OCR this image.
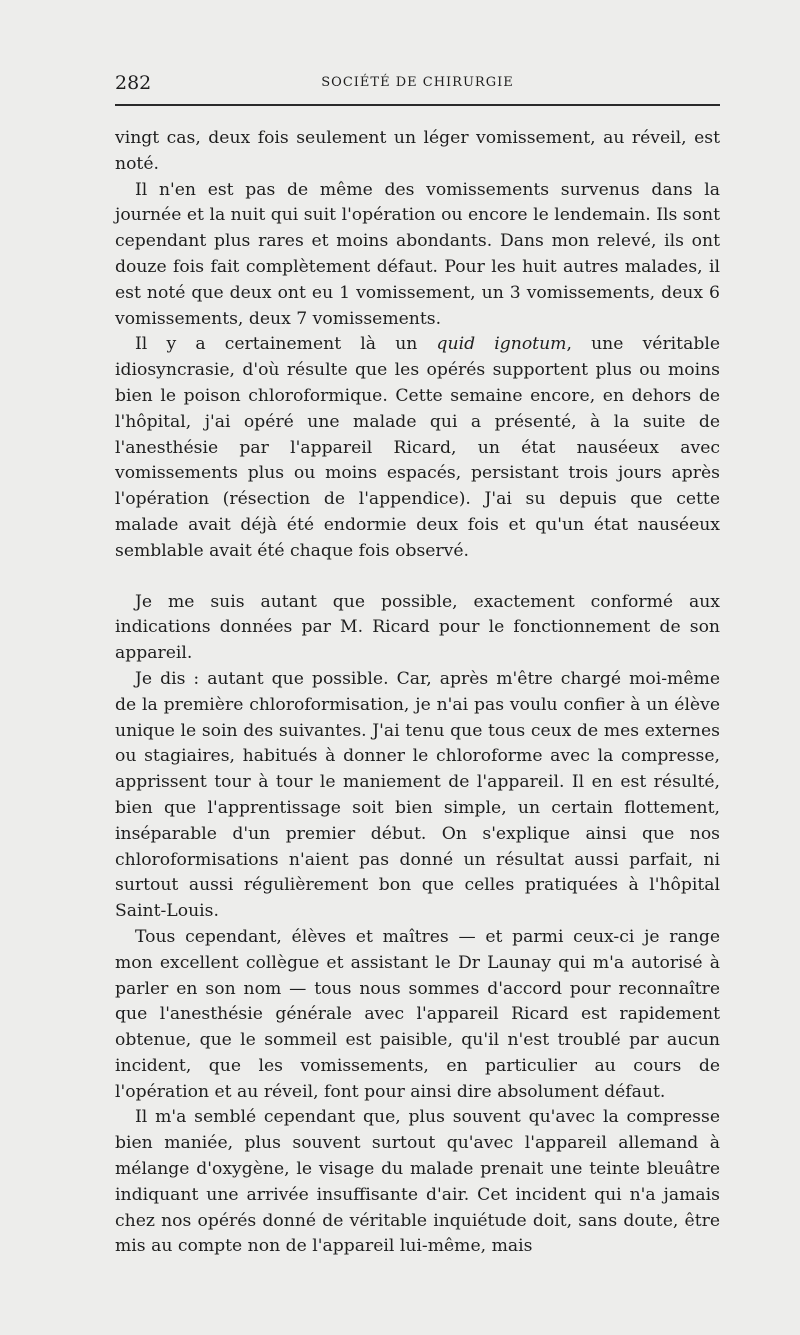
282	SOCIÉTÉ DE CHIRURGIE

vingt cas, deux fois seulement un léger vomissement, au réveil, est noté.

Il n'en est pas de même des vomissements survenus dans la journée et la nuit qui suit l'opération ou encore le lendemain. Ils sont cependant plus rares et moins abondants. Dans mon relevé, ils ont douze fois fait complètement défaut. Pour les huit autres malades, il est noté que deux ont eu 1 vomissement, un 3 vomissements, deux 6 vomissements, deux 7 vomissements.

Il y a certainement là un quid ignotum, une véritable idiosyncrasie, d'où résulte que les opérés supportent plus ou moins bien le poison chloroformique. Cette semaine encore, en dehors de l'hôpital, j'ai opéré une malade qui a présenté, à la suite de l'anesthésie par l'appareil Ricard, un état nauséeux avec vomissements plus ou moins espacés, persistant trois jours après l'opération (résection de l'appendice). J'ai su depuis que cette malade avait déjà été endormie deux fois et qu'un état nauséeux semblable avait été chaque fois observé.

Je me suis autant que possible, exactement conformé aux indications données par M. Ricard pour le fonctionnement de son appareil.

Je dis : autant que possible. Car, après m'être chargé moi-même de la première chloroformisation, je n'ai pas voulu confier à un élève unique le soin des suivantes. J'ai tenu que tous ceux de mes externes ou stagiaires, habitués à donner le chloroforme avec la compresse, apprissent tour à tour le maniement de l'appareil. Il en est résulté, bien que l'apprentissage soit bien simple, un certain flottement, inséparable d'un premier début. On s'explique ainsi que nos chloroformisations n'aient pas donné un résultat aussi parfait, ni surtout aussi régulièrement bon que celles pratiquées à l'hôpital Saint-Louis.

Tous cependant, élèves et maîtres — et parmi ceux-ci je range mon excellent collègue et assistant le Dr Launay qui m'a autorisé à parler en son nom — tous nous sommes d'accord pour reconnaître que l'anesthésie générale avec l'appareil Ricard est rapidement obtenue, que le sommeil est paisible, qu'il n'est troublé par aucun incident, que les vomissements, en particulier au cours de l'opération et au réveil, font pour ainsi dire absolument défaut.

Il m'a semblé cependant que, plus souvent qu'avec la compresse bien maniée, plus souvent surtout qu'avec l'appareil allemand à mélange d'oxygène, le visage du malade prenait une teinte bleuâtre indiquant une arrivée insuffisante d'air. Cet incident qui n'a jamais chez nos opérés donné de véritable inquiétude doit, sans doute, être mis au compte non de l'appareil lui-même, mais
